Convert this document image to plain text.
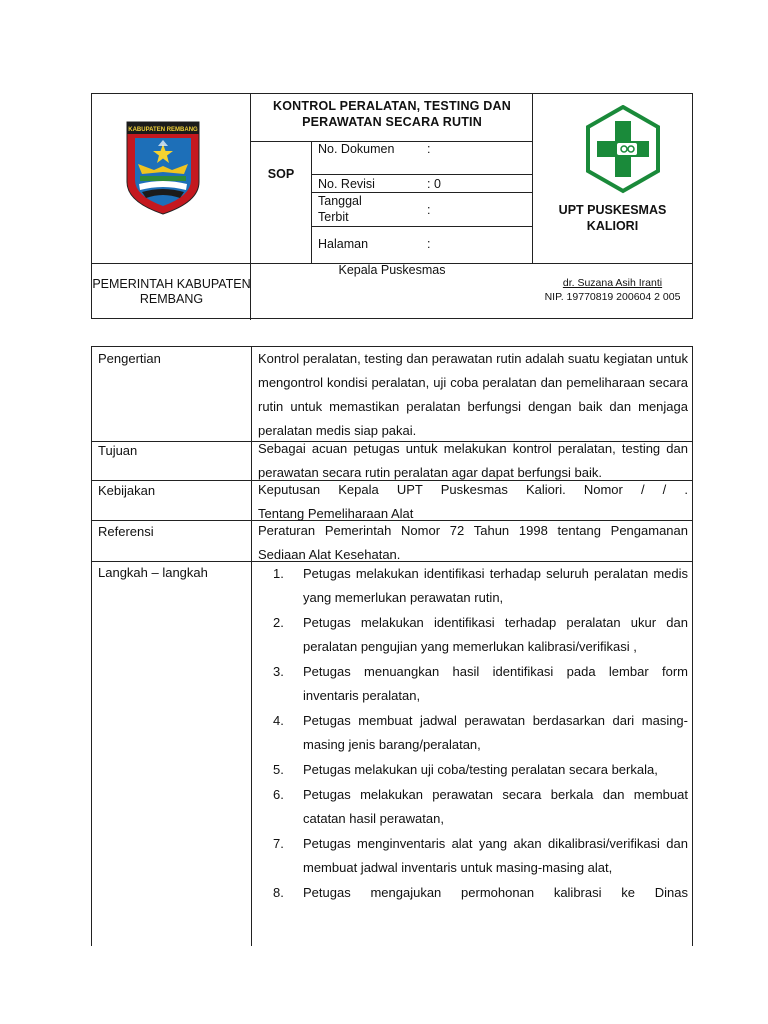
KABUPATEN REMBANG
KONTROL PERALATAN, TESTING DAN PERAWATAN SECARA RUTIN
SOP
No. Dokumen	:
No. Revisi	: 0
Tanggal Terbit	:
Halaman	:
UPT PUSKESMAS KALIORI
PEMERINTAH KABUPATEN REMBANG
Kepala Puskesmas
dr. Suzana Asih Iranti
NIP. 19770819 200604 2 005
Pengertian	Kontrol peralatan, testing dan perawatan rutin adalah suatu kegiatan untuk mengontrol kondisi peralatan, uji coba peralatan dan pemeliharaan secara rutin untuk memastikan peralatan berfungsi dengan baik dan menjaga peralatan medis siap pakai.
Tujuan	Sebagai acuan petugas untuk melakukan kontrol peralatan, testing dan perawatan secara rutin peralatan agar dapat berfungsi baik.
Kebijakan	Keputusan Kepala UPT Puskesmas Kaliori. Nomor / / .
Tentang Pemeliharaan Alat
Referensi	Peraturan Pemerintah Nomor 72 Tahun 1998 tentang Pengamanan Sediaan Alat Kesehatan.
Langkah – langkah	1. Petugas melakukan identifikasi terhadap seluruh peralatan medis yang memerlukan perawatan rutin,
2. Petugas melakukan identifikasi terhadap peralatan ukur dan peralatan pengujian yang memerlukan kalibrasi/verifikasi ,
3. Petugas menuangkan hasil identifikasi pada lembar form inventaris peralatan,
4. Petugas membuat jadwal perawatan berdasarkan dari masing-masing jenis barang/peralatan,
5. Petugas melakukan uji coba/testing peralatan secara berkala,
6. Petugas melakukan perawatan secara berkala dan membuat catatan hasil perawatan,
7. Petugas menginventaris alat yang akan dikalibrasi/verifikasi dan membuat jadwal inventaris untuk masing-masing alat,
8. Petugas mengajukan permohonan kalibrasi ke Dinas
